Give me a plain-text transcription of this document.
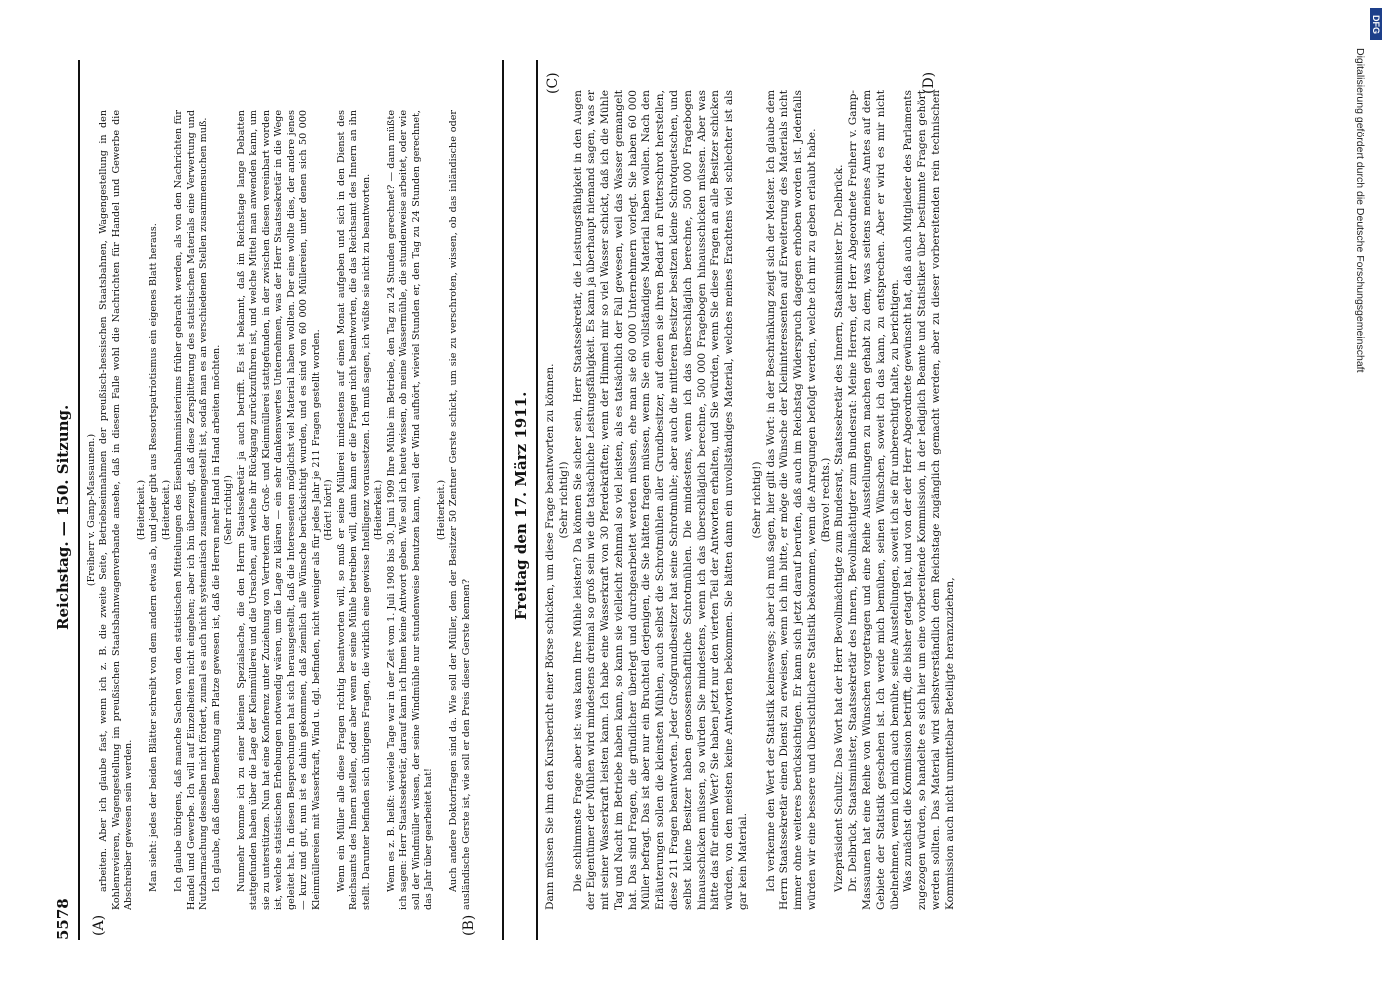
5578
Reichstag. — 150. Sitzung. (Freiherr v. Gamp-Massaunen.) arbeiten. Aber ich glaube fast, wenn ich z. B. die zweite Seite, Betriebseinnahmen der preußisch-hessischen Staatsbahnen, Wagengestellung in den Kohlenrevieren, Wagengestellung im preußischen Staatsbahnwagenverbande ansehe, daß in diesem Falle wohl die Nachrichten für Handel und Gewerbe die Abschreiber gewesen sein werden.

(Heiterkeit.) Man sieht: jedes der beiden Blätter schreibt von dem andern etwas ab, und jeder gibt aus Ressortspatriotismus ein eigenes Blatt heraus. (Heiterkeit.) Ich glaube übrigens, daß manche Sachen von den statistischen Mitteilungen des Eisenbahnministeriums früher gebracht werden, als von den Nachrichten für Handel und Gewerbe. Ich will auf Einzelheiten nicht eingehen; aber ich bin überzeugt, daß diese Zersplitterung des statistischen Materials eine Verwertung und Nutzbarmachung desselben nicht fördert, zumal es auch nicht systematisch zusammengestellt ist, sodaß man es an verschiedenen Stellen zusammensuchen muß. Ich glaube, daß diese Bemerkung am Platze gewesen ist, daß die Herren mehr Hand in Hand arbeiten möchten. (Sehr richtig!) Nunmehr komme ich zu einer kleinen Spezialsache, die den Herrn Staatssekretär ja auch betrifft. Es ist bekannt, daß im Reichstage lange Debatten stattgefunden haben über die Lage der Kleinmüllerei und die Ursachen, auf welche ihr Rückgang zurückzuführen ist, und welche Mittel man anwenden kann, um sie zu unterstützen. Nun hat eine Konferenz unter Zuziehung von Vertretern der Groß- und Kleinmüllerei stattgefunden, in der zwischen diesen vereinbart worden ist, welche statistischen Erhebungen notwendig wären, um die Lage zu klären — ein sehr dankenswertes Unternehmen, was der Herr Staatssekretär in die Wege geleitet hat. In diesen Besprechungen hat sich herausgestellt, daß die Interessenten möglichst viel Material haben wollten. Der eine wollte dies, der andere jenes — kurz und gut, nun ist es dahin gekommen, daß ziemlich alle Wünsche berücksichtigt wurden, und es sind von 60 000 Müllereien, unter denen sich 50 000 Kleinmüllereien mit Wasserkraft, Wind u. dgl. befinden, nicht weniger als für jedes Jahr je 211 Fragen gestellt worden. (Hört! hört!) Wenn ein Müller alle diese Fragen richtig beantworten will, so muß er seine Müllerei mindestens auf einen Monat aufgeben und sich in den Dienst des Reichsamts des Innern stellen, oder aber wenn er seine Mühle betreiben will, dann kann er die Fragen nicht beantworten, die das Reichsamt des Innern an ihn stellt. Darunter befinden sich übrigens Fragen, die wirklich eine gewisse Intelligenz voraussetzen. Ich muß sagen, ich wüßte sie nicht zu beantworten. (Heiterkeit.) Wenn es z. B. heißt: wieviele Tage war in der Zeit vom 1. Juli 1908 bis 30. Juni 1909 Ihre Mühle im Betriebe, den Tag zu 24 Stunden gerechnet? — dann müßte ich sagen: Herr Staatssekretär, darauf kann ich Ihnen keine Antwort geben. Wie soll ich heute wissen, ob meine Wassermühle, die stundenweise arbeitet, oder wie soll der Windmüller wissen, der seine Windmühle nur stundenweise benutzen kann, weil der Wind aufhört, wieviel Stunden er, den Tag zu 24 Stunden gerechnet, das Jahr über gearbeitet hat!

(Heiterkeit.) Auch andere Doktorfragen sind da. Wie soll der Müller, dem der Besitzer 50 Zentner Gerste schickt, um sie zu verschroten, wissen, ob das inländische oder ausländische Gerste ist, wie soll er den Preis dieser Gerste kennen?

Freitag den 17. März 1911. Dann müssen Sie ihm den Kursbericht einer Börse schicken, um diese Frage beantworten zu können. (Sehr richtig!) Die schlimmste Frage aber ist: was kann Ihre Mühle leisten? Da können Sie sicher sein, Herr Staatssekretär, die Leistungsfähigkeit in den Augen der Eigentümer der Mühlen wird mindestens dreimal so groß sein wie die tatsächliche Leistungsfähigkeit. Es kann ja überhaupt niemand sagen, was er mit seiner Wasserkraft leisten kann. Ich habe eine Wasserkraft von 30 Pferdekräften; wenn der Himmel mir so viel Wasser schickt, daß ich die Mühle Tag und Nacht im Betriebe haben kann, so kann sie vielleicht zehnmal so viel leisten, als es tatsächlich der Fall gewesen, weil das Wasser gemangelt hat. Das sind Fragen, die gründlicher überlegt und durchgearbeitet werden müssen, ehe man sie 60 000 Unternehmern vorlegt. Sie haben 60 000 Müller befragt. Das ist aber nur ein Bruchteil derjenigen, die Sie hätten fragen müssen, wenn Sie ein vollständiges Material haben wollen. Nach den Erläuterungen sollen die kleinsten Mühlen, auch selbst die Schrotmühlen aller Grundbesitzer, auf denen sie ihren Bedarf an Futterschrot herstellen, diese 211 Fragen beantworten. Jeder Großgrundbesitzer hat seine Schrotmühle; aber auch die mittleren Besitzer besitzen kleine Schrotquetschen, und selbst kleine Besitzer haben genossenschaftliche Schrotmühlen. Die mindestens, wenn ich das überschläglich berechne, 500 000 Fragebogen hinausschicken müssen, so würden Sie mindestens, wenn ich das überschläglich berechne, 500 000 Fragebogen hinausschicken müssen. Aber was hätte das für einen Wert? Sie haben jetzt nur den vierten Teil der Antworten erhalten, und Sie würden, wenn Sie diese Fragen an alle Besitzer schicken würden, von den meisten keine Antworten bekommen. Sie hätten dann ein unvollständiges Material, welches meines Erachtens viel schlechter ist als gar kein Material.

(Sehr richtig!) Ich verkenne den Wert der Statistik keineswegs; aber ich muß sagen, hier gilt das Wort: in der Beschränkung zeigt sich der Meister. Ich glaube dem Herrn Staatssekretär einen Dienst zu erweisen, wenn ich ihn bitte, er möge die Wünsche der Kleininteressenten auf Erweiterung des Materials nicht immer ohne weiteres berücksichtigen. Er kann sich jetzt darauf berufen, daß auch im Reichstag Widerspruch dagegen erhoben worden ist. Jedenfalls würden wir eine bessere und übersichtlichere Statistik bekommen, wenn die Anregungen befolgt werden, welche ich mir zu geben erlaubt habe. (Bravo! rechts.) Vizepräsident Schultz: Das Wort hat der Herr Bevollmächtigte zum Bundesrat, Staatssekretär des Innern, Staatsminister Dr. Delbrück. Dr. Delbrück, Staatsminister, Staatssekretär des Innern, Bevollmächtigter zum Bundesrat: Meine Herren, der Herr Abgeordnete Freiherr v. Gamp-Massaunen hat eine Reihe von Wünschen vorgetragen und eine Reihe Ausstellungen zu machen gehabt zu dem, was seitens meines Amtes auf dem Gebiete der Statistik geschehen ist. Ich werde mich bemühen, seinen Wünschen, soweit ich das kann, zu entsprechen. Aber er wird es mir nicht übelnehmen, wenn ich mich auch bemühe, seine Ausstellungen, soweit ich sie für unberechtigt halte, zu berichtigen. Was zunächst die Kommission betrifft, die bisher getagt hat, und von der der Herr Abgeordnete gewünscht hat, daß auch Mitglieder des Parlaments zugezogen würden, so handelte es sich hier um eine vorbereitende Kommission, in der lediglich Beamte und Statistiker über bestimmte Fragen gehört werden sollten. Das Material wird selbstverständlich dem Reichstage zugänglich gemacht werden, aber zu dieser vorbereitenden rein technischen Kommission auch nicht unmittelbar Beteiligte heranzuziehen,

(A)	(B)
(C)	(D)
DFG
Digitalisierung gefördert durch die Deutsche Forschungsgemeinschaft
